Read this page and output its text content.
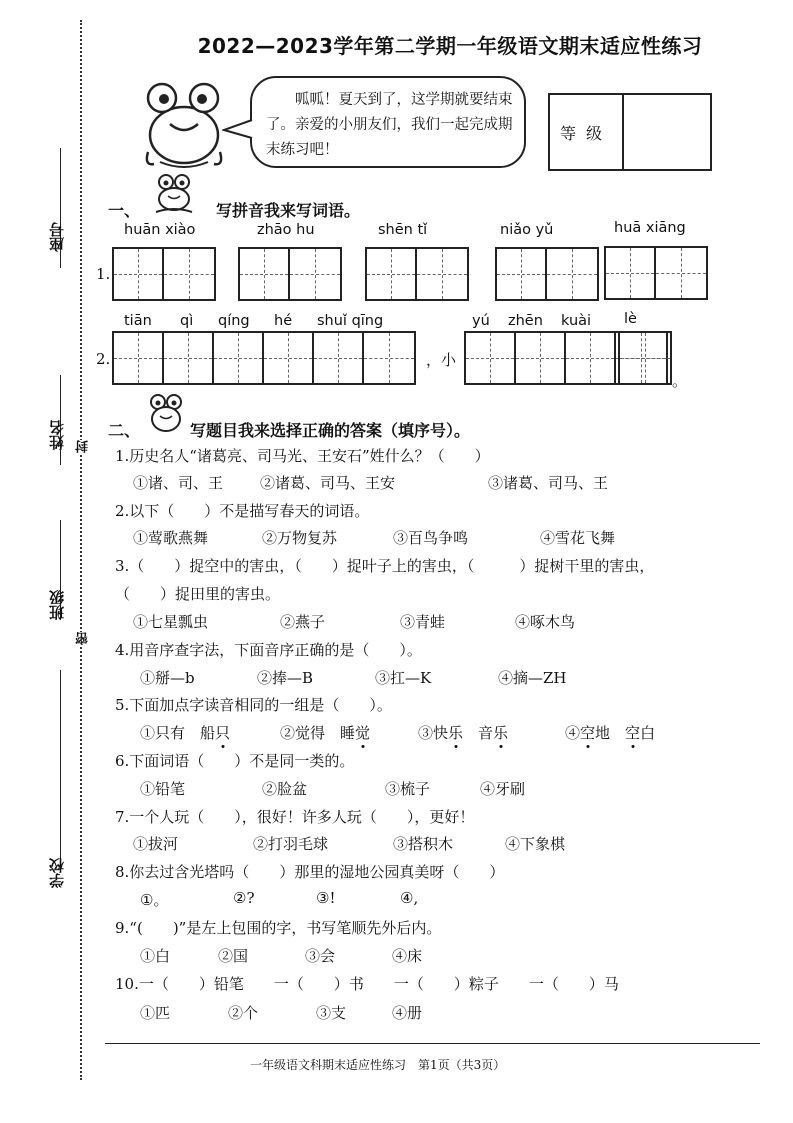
座号
姓名 封
班级
密
学校
2022—2023学年第二学期一年级语文期末适应性练习
呱呱！夏天到了，这学期就要结束了。亲爱的小朋友们，我们一起完成期末练习吧！
等级
一、	写拼音我来写词语。
huān xiào	zhāo hu	shēn tǐ	niǎo yǔ	huā xiāng
1.
tiān qì qíng hé shuǐ qīng	yú zhēn kuài lè
2.	，小
。
二、	写题目我来选择正确的答案（填序号）。
1.历史名人“诸葛亮、司马光、王安石”姓什么？（　　）
①诸、司、王 ②诸葛、司马、王安	③诸葛、司马、王
2.以下（　　）不是描写春天的词语。
①莺歌燕舞	②万物复苏	③百鸟争鸣	④雪花飞舞
3.（　　）捉空中的害虫，（　　）捉叶子上的害虫，（　　　）捉树干里的害虫，
（　　）捉田里的害虫。
①七星瓢虫	②燕子	③青蛙	④啄木鸟
4.用音序查字法，下面音序正确的是（　　）。
①掰—b	②捧—B	③扛—K	④摘—ZH
5.下面加点字读音相同的一组是（　　）。
①只有　船只	②觉得　睡觉	③快乐　音乐	④空地　空白
6.下面词语（　　）不是同一类的。
①铅笔	②脸盆	③梳子	④牙刷
7.一个人玩（　　），很好！许多人玩（　　），更好！
①拔河	②打羽毛球	③搭积木	④下象棋
8.你去过含光塔吗（　　）那里的湿地公园真美呀（　　）
①。	②?	③!	④,
9.“(　　)”是左上包围的字，书写笔顺先外后内。
①白	②国	③会	④床
10.一（　　）铅笔　　一（　　）书　　一（　　）粽子　　一（　　）马
①匹	②个	③支	④册
一年级语文科期末适应性练习　第1页（共3页）
